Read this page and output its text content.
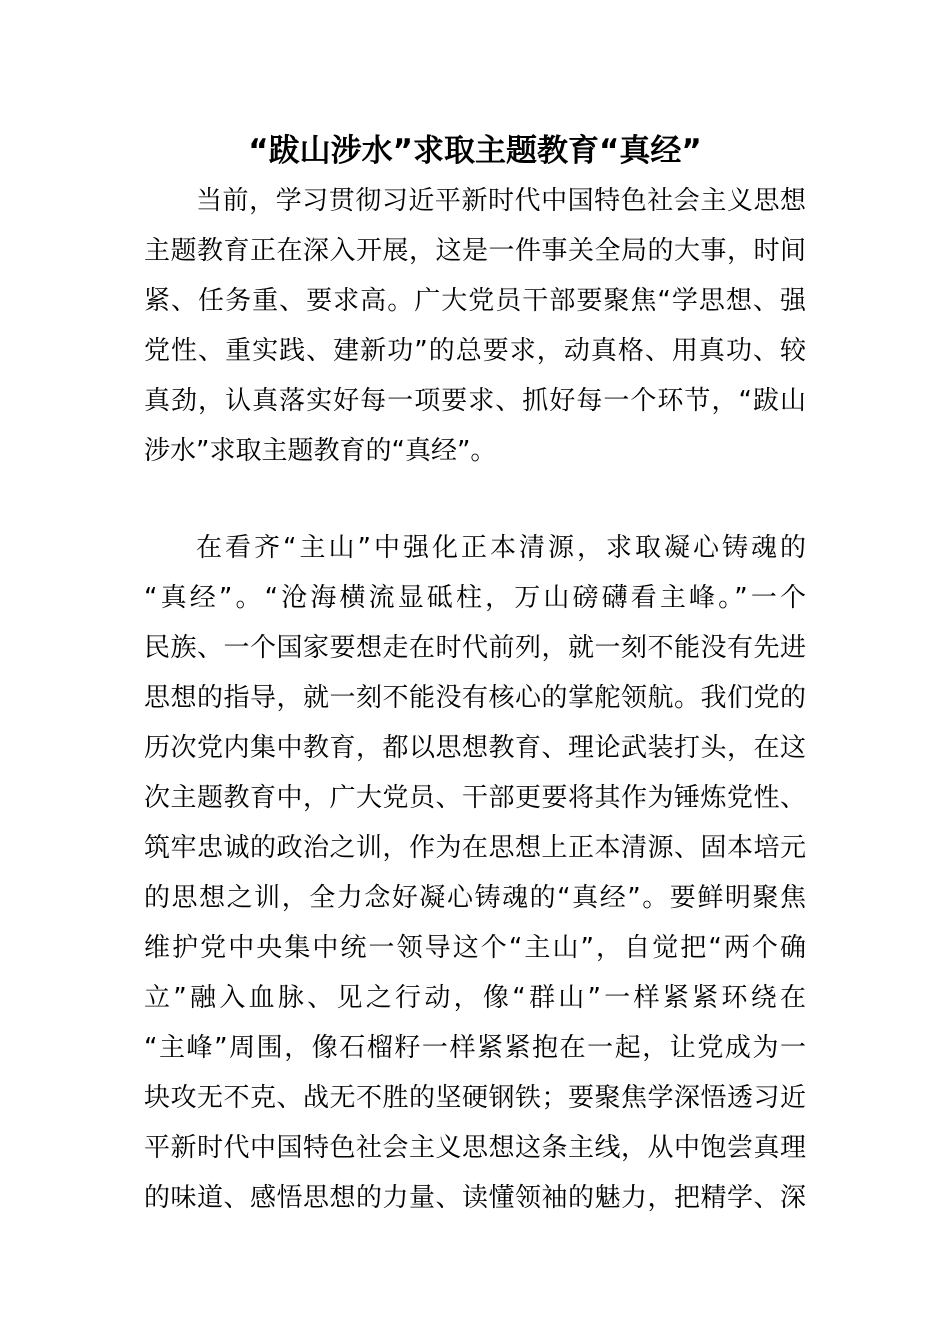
“跋山涉水”求取主题教育“真经”
当前，学习贯彻习近平新时代中国特色社会主义思想
主题教育正在深入开展，这是一件事关全局的大事，时间
紧、任务重、要求高。广大党员干部要聚焦“学思想、强
党性、重实践、建新功”的总要求，动真格、用真功、较
真劲，认真落实好每一项要求、抓好每一个环节，“跋山
涉水”求取主题教育的“真经”。
在看齐“主山”中强化正本清源，求取凝心铸魂的
“真经”。“沧海横流显砥柱，万山磅礴看主峰。”一个
民族、一个国家要想走在时代前列，就一刻不能没有先进
思想的指导，就一刻不能没有核心的掌舵领航。我们党的
历次党内集中教育，都以思想教育、理论武装打头，在这
次主题教育中，广大党员、干部更要将其作为锤炼党性、
筑牢忠诚的政治之训，作为在思想上正本清源、固本培元
的思想之训，全力念好凝心铸魂的“真经”。要鲜明聚焦
维护党中央集中统一领导这个“主山”，自觉把“两个确
立”融入血脉、见之行动，像“群山”一样紧紧环绕在
“主峰”周围，像石榴籽一样紧紧抱在一起，让党成为一
块攻无不克、战无不胜的坚硬钢铁；要聚焦学深悟透习近
平新时代中国特色社会主义思想这条主线，从中饱尝真理
的味道、感悟思想的力量、读懂领袖的魅力，把精学、深
